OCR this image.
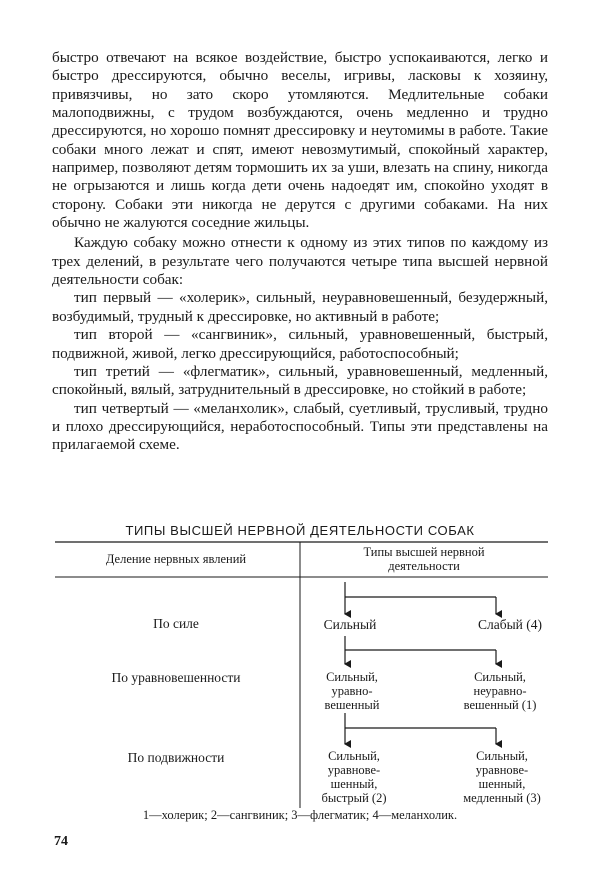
быстро отвечают на всякое воздействие, быстро успокаиваются, легко и быстро дрессируются, обычно веселы, игривы, ласковы к хозяину, привязчивы, но зато скоро утомляются. Медлительные собаки малоподвижны, с трудом возбуждаются, очень медленно и трудно дрессируются, но хорошо помнят дрессировку и неутомимы в работе. Такие собаки много лежат и спят, имеют невозмутимый, спокойный характер, например, позволяют детям тормошить их за уши, влезать на спину, никогда не огрызаются и лишь когда дети очень надоедят им, спокойно уходят в сторону. Собаки эти никогда не дерутся с другими собаками. На них обычно не жалуются соседние жильцы.

Каждую собаку можно отнести к одному из этих типов по каждому из трех делений, в результате чего получаются четыре типа высшей нервной деятельности собак:

тип первый — «холерик», сильный, неуравновешенный, безудержный, возбудимый, трудный к дрессировке, но активный в работе;

тип второй — «сангвиник», сильный, уравновешенный, быстрый, подвижной, живой, легко дрессирующийся, работоспособный;

тип третий — «флегматик», сильный, уравновешенный, медленный, спокойный, вялый, затруднительный в дрессировке, но стойкий в работе;

тип четвертый — «меланхолик», слабый, суетливый, трусливый, трудно и плохо дрессирующийся, неработоспособный. Типы эти представлены на прилагаемой схеме.

ТИПЫ ВЫСШЕЙ НЕРВНОЙ ДЕЯТЕЛЬНОСТИ СОБАК
Деление нервных явлений	Типы высшей нервной
деятельности
По силе
По уравновешенности
По подвижности
Сильный	Слабый (4)
Сильный,
уравно-
вешенный
Сильный,
неуравно-
вешенный (1)
Сильный,
уравнове-
шенный,
быстрый (2)
Сильный,
уравнове-
шенный,
медленный (3)
1—холерик; 2—сангвиник; 3—флегматик; 4—меланхолик.
74
